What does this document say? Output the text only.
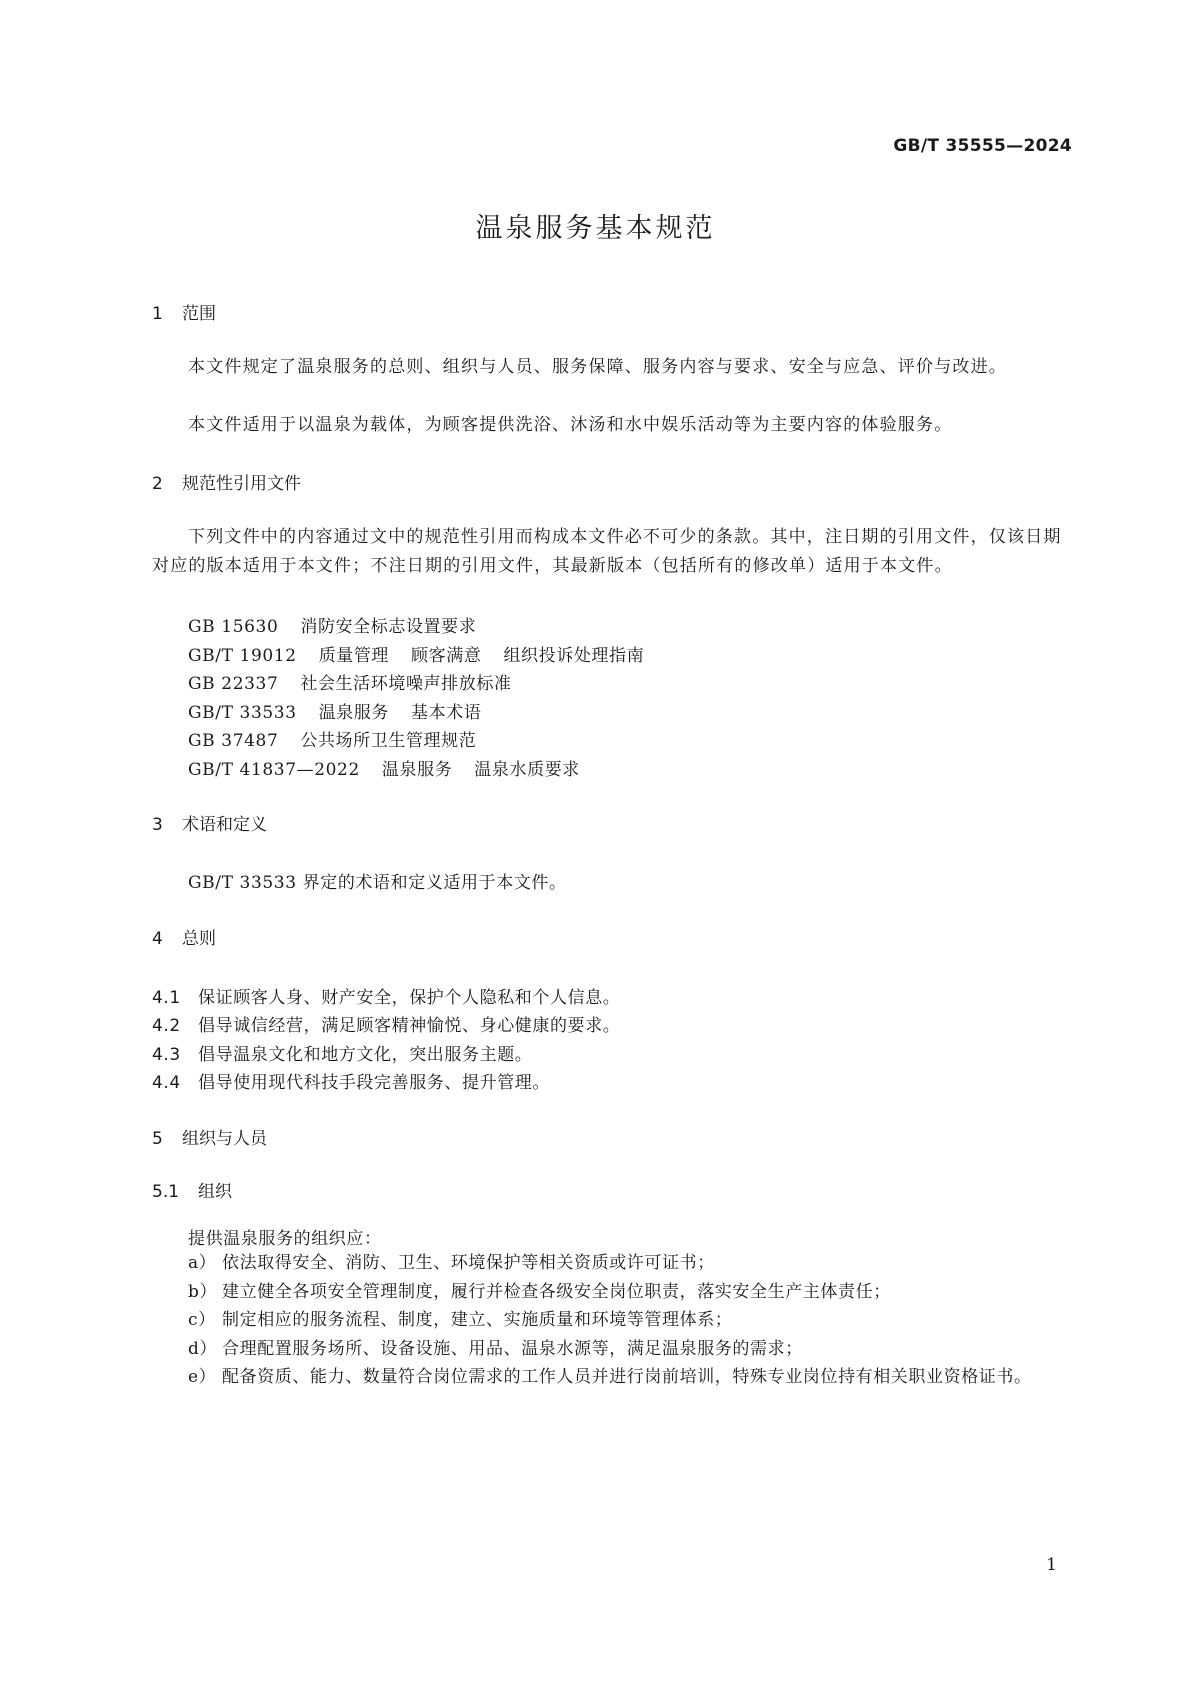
GB/T 35555—2024
温泉服务基本规范
1 范围
本文件规定了温泉服务的总则、组织与人员、服务保障、服务内容与要求、安全与应急、评价与改进。
本文件适用于以温泉为载体，为顾客提供洗浴、沐汤和水中娱乐活动等为主要内容的体验服务。
2 规范性引用文件
下列文件中的内容通过文中的规范性引用而构成本文件必不可少的条款。其中，注日期的引用文件，仅该日期对应的版本适用于本文件；不注日期的引用文件，其最新版本（包括所有的修改单）适用于本文件。
GB 15630 消防安全标志设置要求
GB/T 19012 质量管理 顾客满意 组织投诉处理指南
GB 22337 社会生活环境噪声排放标准
GB/T 33533 温泉服务 基本术语
GB 37487 公共场所卫生管理规范
GB/T 41837—2022 温泉服务 温泉水质要求
3 术语和定义
GB/T 33533 界定的术语和定义适用于本文件。
4 总则
4.1 保证顾客人身、财产安全，保护个人隐私和个人信息。
4.2 倡导诚信经营，满足顾客精神愉悦、身心健康的要求。
4.3 倡导温泉文化和地方文化，突出服务主题。
4.4 倡导使用现代科技手段完善服务、提升管理。
5 组织与人员
5.1 组织
提供温泉服务的组织应：
a） 依法取得安全、消防、卫生、环境保护等相关资质或许可证书；
b） 建立健全各项安全管理制度，履行并检查各级安全岗位职责，落实安全生产主体责任；
c） 制定相应的服务流程、制度，建立、实施质量和环境等管理体系；
d） 合理配置服务场所、设备设施、用品、温泉水源等，满足温泉服务的需求；
e） 配备资质、能力、数量符合岗位需求的工作人员并进行岗前培训，特殊专业岗位持有相关职业资格证书。
1
